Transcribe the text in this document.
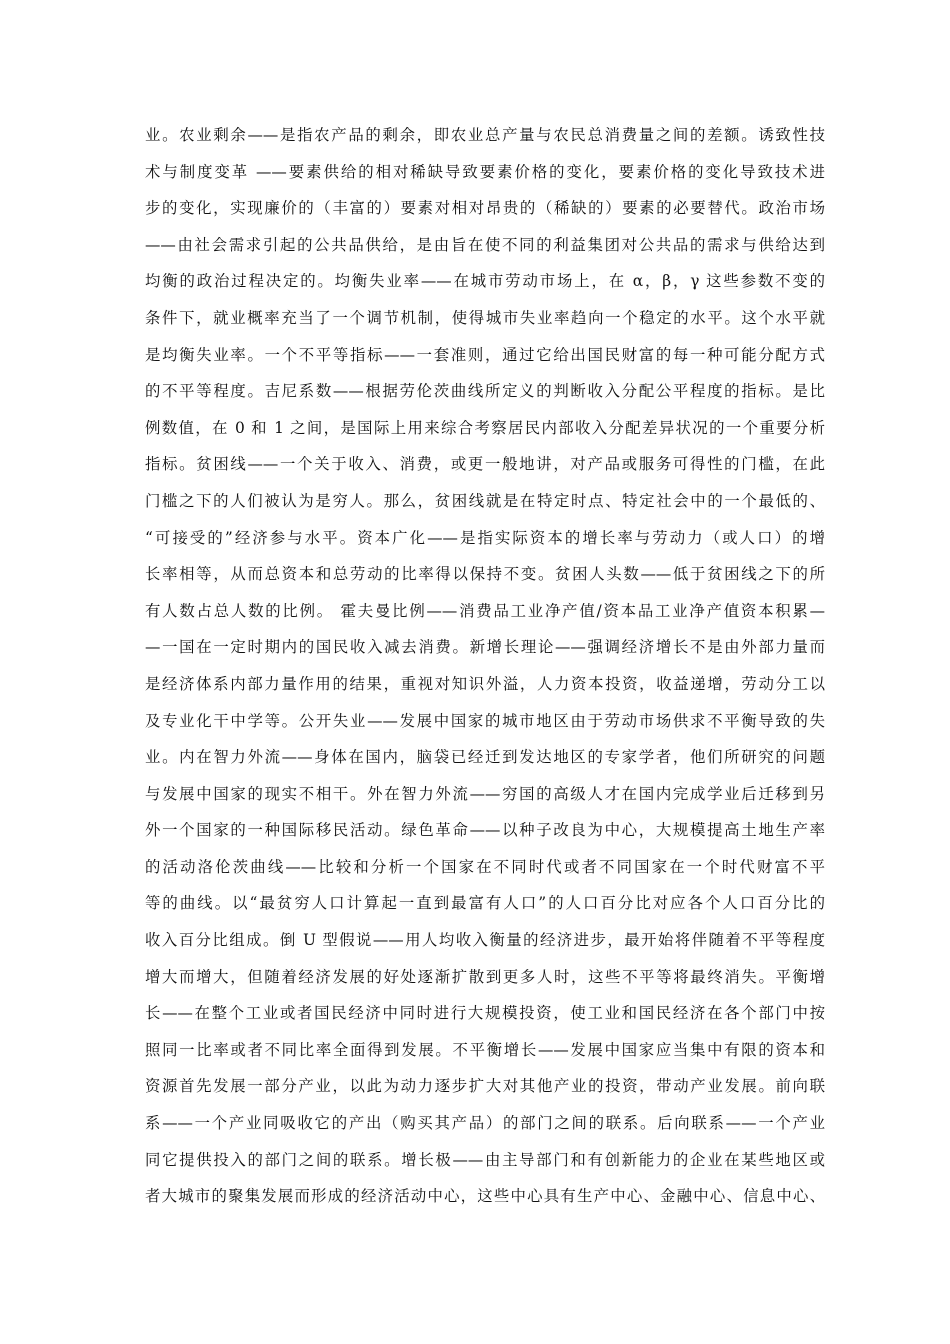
业。农业剩余——是指农产品的剩余，即农业总产量与农民总消费量之间的差额。诱致性技
术与制度变革 ——要素供给的相对稀缺导致要素价格的变化，要素价格的变化导致技术进
步的变化，实现廉价的（丰富的）要素对相对昂贵的（稀缺的）要素的必要替代。政治市场
——由社会需求引起的公共品供给，是由旨在使不同的利益集团对公共品的需求与供给达到
均衡的政治过程决定的。均衡失业率——在城市劳动市场上，在 α，β，γ 这些参数不变的
条件下，就业概率充当了一个调节机制，使得城市失业率趋向一个稳定的水平。这个水平就
是均衡失业率。一个不平等指标——一套准则，通过它给出国民财富的每一种可能分配方式
的不平等程度。吉尼系数——根据劳伦茨曲线所定义的判断收入分配公平程度的指标。是比
例数值，在 0 和 1 之间，是国际上用来综合考察居民内部收入分配差异状况的一个重要分析
指标。贫困线——一个关于收入、消费，或更一般地讲，对产品或服务可得性的门槛，在此
门槛之下的人们被认为是穷人。那么，贫困线就是在特定时点、特定社会中的一个最低的、
“可接受的”经济参与水平。资本广化——是指实际资本的增长率与劳动力（或人口）的增
长率相等，从而总资本和总劳动的比率得以保持不变。贫困人头数——低于贫困线之下的所
有人数占总人数的比例。 霍夫曼比例——消费品工业净产值/资本品工业净产值资本积累—
—一国在一定时期内的国民收入减去消费。新增长理论——强调经济增长不是由外部力量而
是经济体系内部力量作用的结果，重视对知识外溢，人力资本投资，收益递增，劳动分工以
及专业化干中学等。公开失业——发展中国家的城市地区由于劳动市场供求不平衡导致的失
业。内在智力外流——身体在国内，脑袋已经迁到发达地区的专家学者，他们所研究的问题
与发展中国家的现实不相干。外在智力外流——穷国的高级人才在国内完成学业后迁移到另
外一个国家的一种国际移民活动。绿色革命——以种子改良为中心，大规模提高土地生产率
的活动洛伦茨曲线——比较和分析一个国家在不同时代或者不同国家在一个时代财富不平
等的曲线。以“最贫穷人口计算起一直到最富有人口”的人口百分比对应各个人口百分比的
收入百分比组成。倒 U 型假说——用人均收入衡量的经济进步，最开始将伴随着不平等程度
增大而增大，但随着经济发展的好处逐渐扩散到更多人时，这些不平等将最终消失。平衡增
长——在整个工业或者国民经济中同时进行大规模投资，使工业和国民经济在各个部门中按
照同一比率或者不同比率全面得到发展。不平衡增长——发展中国家应当集中有限的资本和
资源首先发展一部分产业，以此为动力逐步扩大对其他产业的投资，带动产业发展。前向联
系——一个产业同吸收它的产出（购买其产品）的部门之间的联系。后向联系——一个产业
同它提供投入的部门之间的联系。增长极——由主导部门和有创新能力的企业在某些地区或
者大城市的聚集发展而形成的经济活动中心，这些中心具有生产中心、金融中心、信息中心、
